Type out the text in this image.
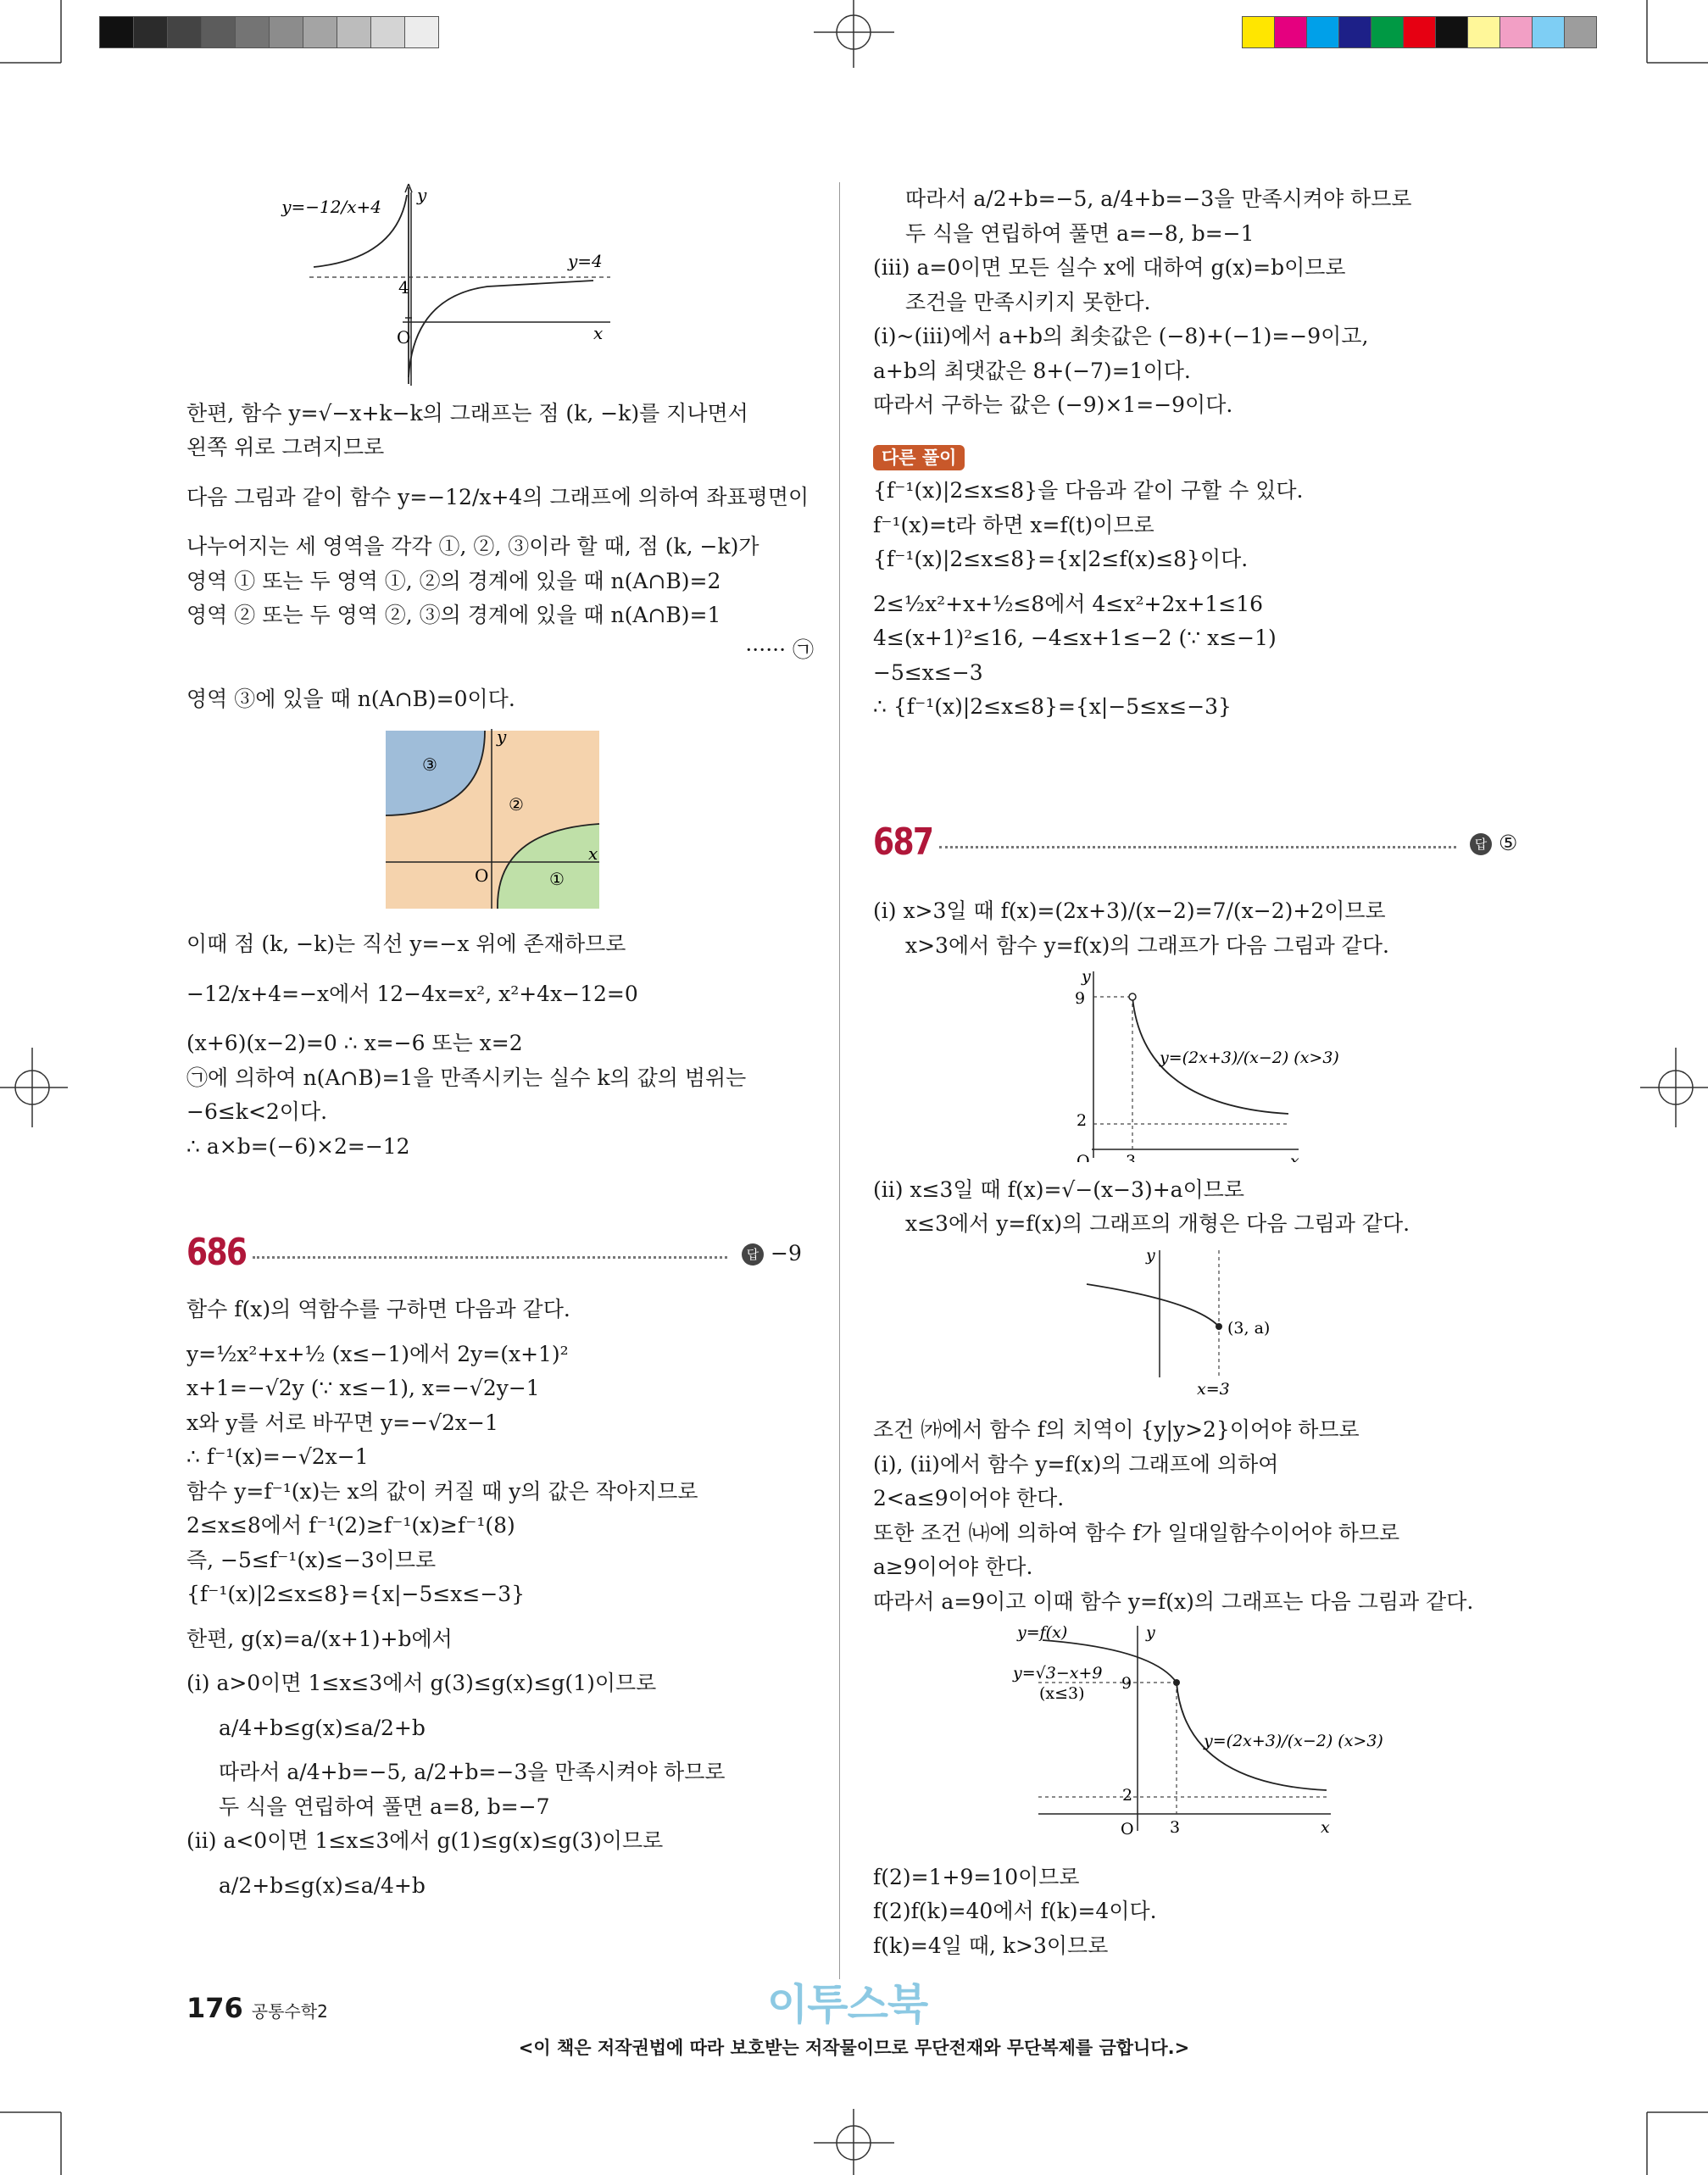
y=−12/x+4
y=4
4
O	x
y

한편, 함수 y=√−x+k−k의 그래프는 점 (k, −k)를 지나면서

왼쪽 위로 그려지므로

다음 그림과 같이 함수 y=−12/x+4의 그래프에 의하여 좌표평면이

나누어지는 세 영역을 각각 ①, ②, ③이라 할 때, 점 (k, −k)가

영역 ① 또는 두 영역 ①, ②의 경계에 있을 때 n(A∩B)=2

영역 ② 또는 두 영역 ②, ③의 경계에 있을 때 n(A∩B)=1

······ ㉠

영역 ③에 있을 때 n(A∩B)=0이다.

③
②
①
O
x
y

이때 점 (k, −k)는 직선 y=−x 위에 존재하므로

−12/x+4=−x에서 12−4x=x², x²+4x−12=0

(x+6)(x−2)=0 ∴ x=−6 또는 x=2

㉠에 의하여 n(A∩B)=1을 만족시키는 실수 k의 값의 범위는

−6≤k<2이다.

∴ a×b=(−6)×2=−12

686	답 −9

함수 f(x)의 역함수를 구하면 다음과 같다.

y=½x²+x+½ (x≤−1)에서 2y=(x+1)²

x+1=−√2y (∵ x≤−1), x=−√2y−1

x와 y를 서로 바꾸면 y=−√2x−1

∴ f⁻¹(x)=−√2x−1

함수 y=f⁻¹(x)는 x의 값이 커질 때 y의 값은 작아지므로

2≤x≤8에서 f⁻¹(2)≥f⁻¹(x)≥f⁻¹(8)

즉, −5≤f⁻¹(x)≤−3이므로

{f⁻¹(x)|2≤x≤8}={x|−5≤x≤−3}

한편, g(x)=a/(x+1)+b에서

(ⅰ) a>0이면 1≤x≤3에서 g(3)≤g(x)≤g(1)이므로

a/4+b≤g(x)≤a/2+b

따라서 a/4+b=−5, a/2+b=−3을 만족시켜야 하므로

두 식을 연립하여 풀면 a=8, b=−7

(ⅱ) a<0이면 1≤x≤3에서 g(1)≤g(x)≤g(3)이므로

a/2+b≤g(x)≤a/4+b

따라서 a/2+b=−5, a/4+b=−3을 만족시켜야 하므로

두 식을 연립하여 풀면 a=−8, b=−1

(ⅲ) a=0이면 모든 실수 x에 대하여 g(x)=b이므로

조건을 만족시키지 못한다.

(ⅰ)~(ⅲ)에서 a+b의 최솟값은 (−8)+(−1)=−9이고,

a+b의 최댓값은 8+(−7)=1이다.

따라서 구하는 값은 (−9)×1=−9이다.

다른 풀이

{f⁻¹(x)|2≤x≤8}을 다음과 같이 구할 수 있다.

f⁻¹(x)=t라 하면 x=f(t)이므로

{f⁻¹(x)|2≤x≤8}={x|2≤f(x)≤8}이다.

2≤½x²+x+½≤8에서 4≤x²+2x+1≤16

4≤(x+1)²≤16, −4≤x+1≤−2 (∵ x≤−1)

−5≤x≤−3

∴ {f⁻¹(x)|2≤x≤8}={x|−5≤x≤−3}

687	답 ⑤

(ⅰ) x>3일 때 f(x)=(2x+3)/(x−2)=7/(x−2)+2이므로

x>3에서 함수 y=f(x)의 그래프가 다음 그림과 같다.

9
2
3
O	x
y
y=(2x+3)/(x−2) (x>3)

(ⅱ) x≤3일 때 f(x)=√−(x−3)+a이므로

x≤3에서 y=f(x)의 그래프의 개형은 다음 그림과 같다.

(3, a)
x=3
y

조건 ㈎에서 함수 f의 치역이 {y|y>2}이어야 하므로

(ⅰ), (ⅱ)에서 함수 y=f(x)의 그래프에 의하여

2<a≤9이어야 한다.

또한 조건 ㈏에 의하여 함수 f가 일대일함수이어야 하므로

a≥9이어야 한다.

따라서 a=9이고 이때 함수 y=f(x)의 그래프는 다음 그림과 같다.

y=f(x)
y=√3−x+9
(x≤3)
y=(2x+3)/(x−2) (x>3)
9
2
3
O	x
y

f(2)=1+9=10이므로

f(2)f(k)=40에서 f(k)=4이다.

f(k)=4일 때, k>3이므로

176 공통수학2	이투스북
<이 책은 저작권법에 따라 보호받는 저작물이므로 무단전재와 무단복제를 금합니다.>
